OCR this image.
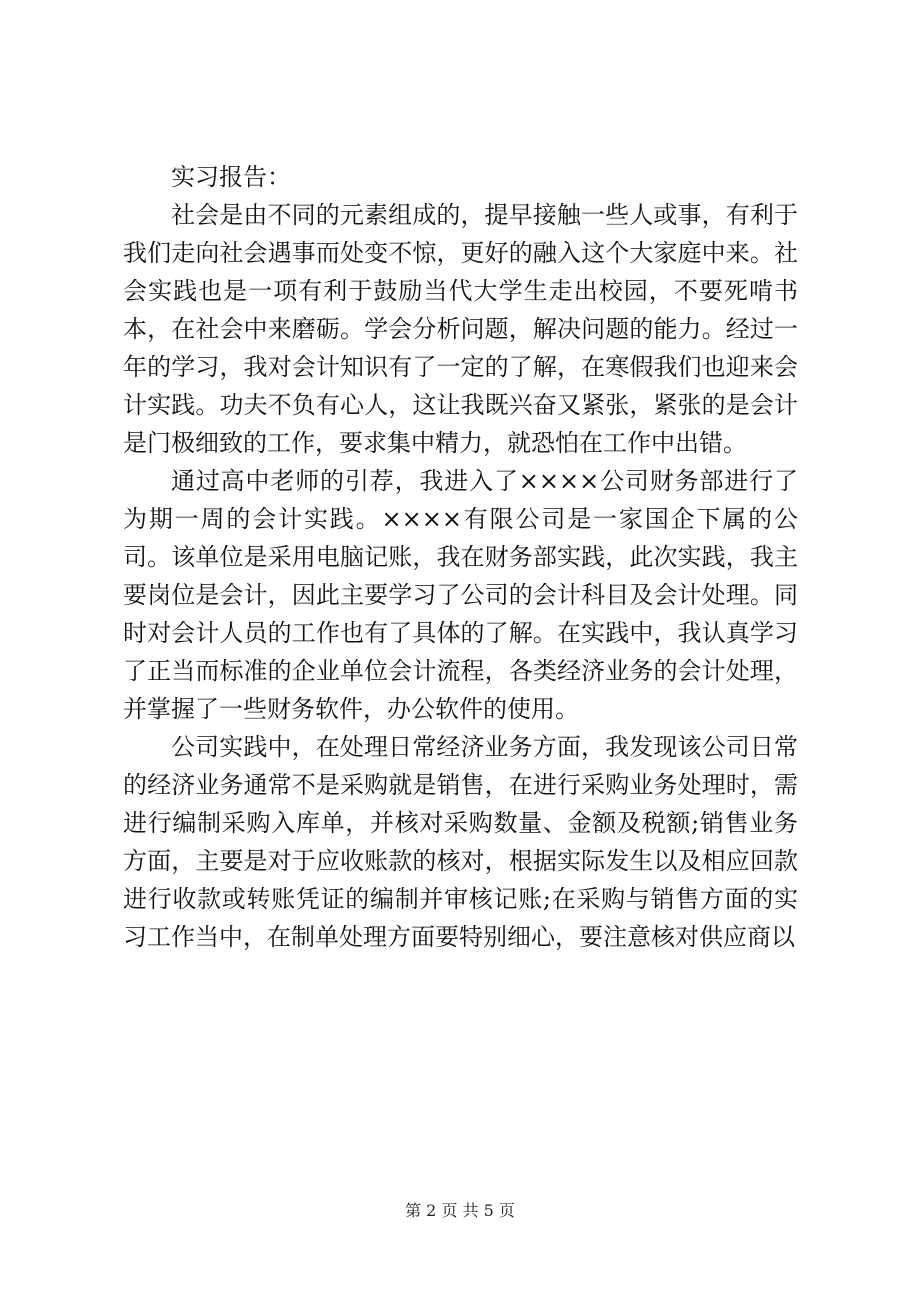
实习报告：

社会是由不同的元素组成的，提早接触一些人或事，有利于我们走向社会遇事而处变不惊，更好的融入这个大家庭中来。社会实践也是一项有利于鼓励当代大学生走出校园，不要死啃书本，在社会中来磨砺。学会分析问题，解决问题的能力。经过一年的学习，我对会计知识有了一定的了解，在寒假我们也迎来会计实践。功夫不负有心人，这让我既兴奋又紧张，紧张的是会计是门极细致的工作，要求集中精力，就恐怕在工作中出错。

通过高中老师的引荐，我进入了××××公司财务部进行了为期一周的会计实践。××××有限公司是一家国企下属的公司。该单位是采用电脑记账，我在财务部实践，此次实践，我主要岗位是会计，因此主要学习了公司的会计科目及会计处理。同时对会计人员的工作也有了具体的了解。在实践中，我认真学习了正当而标准的企业单位会计流程，各类经济业务的会计处理，并掌握了一些财务软件，办公软件的使用。

公司实践中，在处理日常经济业务方面，我发现该公司日常的经济业务通常不是采购就是销售，在进行采购业务处理时，需进行编制采购入库单，并核对采购数量、金额及税额;销售业务方面，主要是对于应收账款的核对，根据实际发生以及相应回款进行收款或转账凭证的编制并审核记账;在采购与销售方面的实习工作当中，在制单处理方面要特别细心，要注意核对供应商以

第 2 页 共 5 页
